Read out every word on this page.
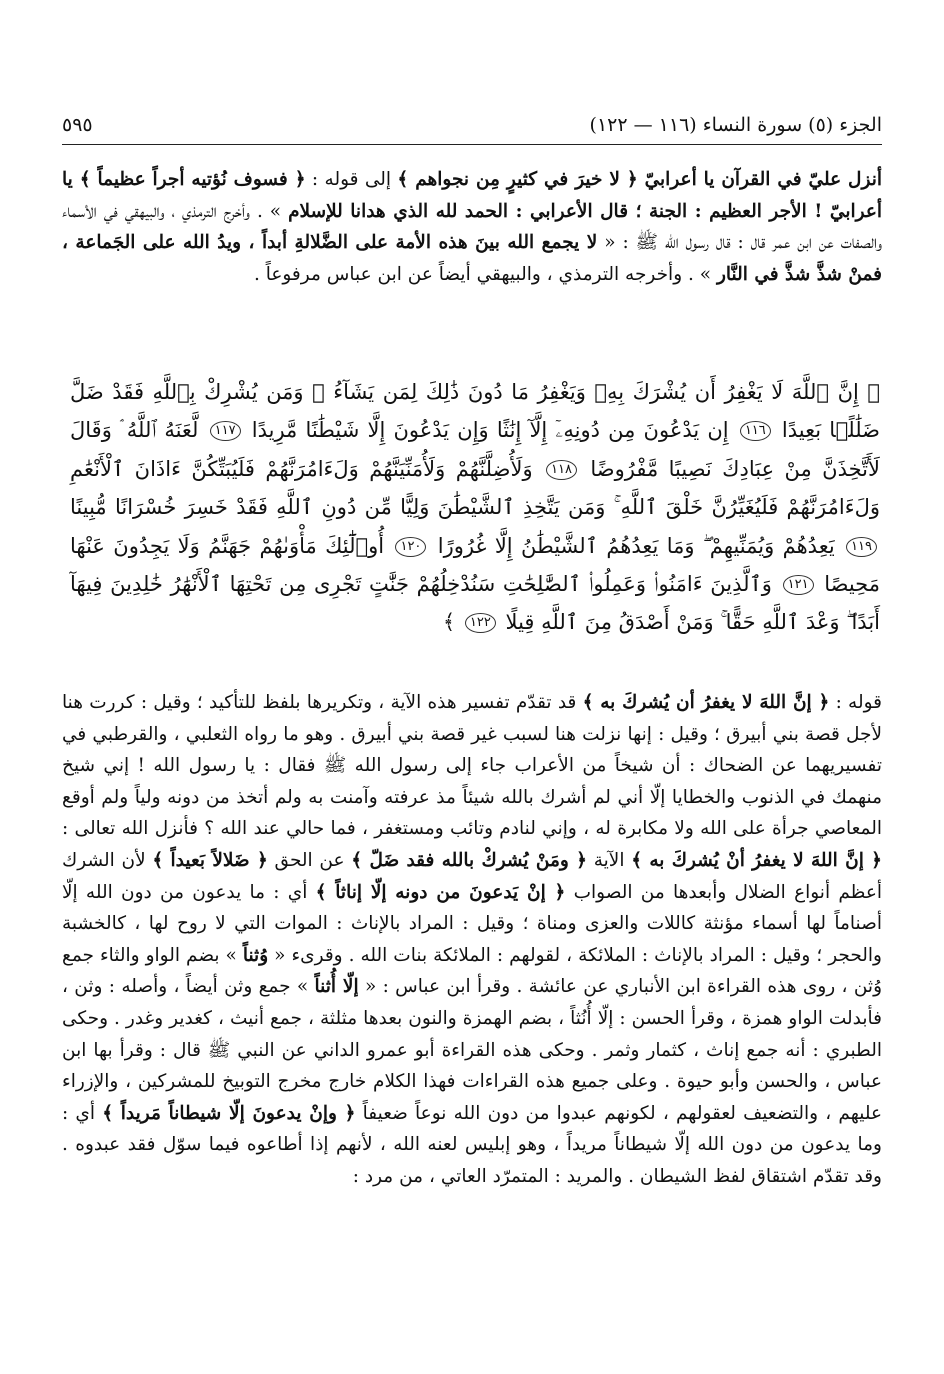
الجزء (٥) سورة النساء (١١٦ — ١٢٢)
٥٩٥

أنزل عليّ في القرآن يا أعرابيّ ﴿ لا خيرَ في كثيرٍ مِن نجواهم ﴾ إلى قوله : ﴿ فسوف نُؤتيه أجراً عظيماً ﴾ يا أعرابيّ ! الأجر العظيم : الجنة ؛ قال الأعرابي : الحمد لله الذي هدانا للإسلام » . وأخرج الترمذي ، والبيهقي في الأسماء والصفات عن ابن عمر قال : قال رسول الله ﷺ : « لا يجمع الله بينَ هذه الأمة على الضَّلالةِ أبداً ، ويدُ الله على الجَماعة ، فمنْ شذَّ شذَّ في النَّار » . وأخرجه الترمذي ، والبيهقي أيضاً عن ابن عباس مرفوعاً .

﴿ إِنَّ ٱللَّهَ لَا يَغْفِرُ أَن يُشْرَكَ بِهِۦ وَيَغْفِرُ مَا دُونَ ذَٰلِكَ لِمَن يَشَآءُ ۚ وَمَن يُشْرِكْ بِٱللَّهِ فَقَدْ ضَلَّ ضَلَٰلًۢا بَعِيدًا ١١٦ إِن يَدْعُونَ مِن دُونِهِۦٓ إِلَّآ إِنَٰثًا وَإِن يَدْعُونَ إِلَّا شَيْطَٰنًا مَّرِيدًا ١١٧ لَّعَنَهُ ٱللَّهُ ۘ وَقَالَ لَأَتَّخِذَنَّ مِنْ عِبَادِكَ نَصِيبًا مَّفْرُوضًا ١١٨ وَلَأُضِلَّنَّهُمْ وَلَأُمَنِّيَنَّهُمْ وَلَءَامُرَنَّهُمْ فَلَيُبَتِّكُنَّ ءَاذَانَ ٱلْأَنْعَٰمِ وَلَءَامُرَنَّهُمْ فَلَيُغَيِّرُنَّ خَلْقَ ٱللَّهِ ۚ وَمَن يَتَّخِذِ ٱلشَّيْطَٰنَ وَلِيًّا مِّن دُونِ ٱللَّهِ فَقَدْ خَسِرَ خُسْرَانًا مُّبِينًا ١١٩ يَعِدُهُمْ وَيُمَنِّيهِمْ ۖ وَمَا يَعِدُهُمُ ٱلشَّيْطَٰنُ إِلَّا غُرُورًا ١٢٠ أُو۟لَٰٓئِكَ مَأْوَىٰهُمْ جَهَنَّمُ وَلَا يَجِدُونَ عَنْهَا مَحِيصًا ١٢١ وَٱلَّذِينَ ءَامَنُوا۟ وَعَمِلُوا۟ ٱلصَّٰلِحَٰتِ سَنُدْخِلُهُمْ جَنَّٰتٍ تَجْرِى مِن تَحْتِهَا ٱلْأَنْهَٰرُ خَٰلِدِينَ فِيهَآ أَبَدًا ۖ وَعْدَ ٱللَّهِ حَقًّا ۚ وَمَنْ أَصْدَقُ مِنَ ٱللَّهِ قِيلًا ١٢٢ ﴾

قوله : ﴿ إنَّ اللهَ لا يغفرُ أن يُشركَ به ﴾ قد تقدّم تفسير هذه الآية ، وتكريرها بلفظ للتأكيد ؛ وقيل : كررت هنا لأجل قصة بني أبيرق ؛ وقيل : إنها نزلت هنا لسبب غير قصة بني أبيرق . وهو ما رواه الثعلبي ، والقرطبي في تفسيريهما عن الضحاك : أن شيخاً من الأعراب جاء إلى رسول الله ﷺ فقال : يا رسول الله ! إني شيخ منهمك في الذنوب والخطايا إلّا أني لم أشرك بالله شيئاً مذ عرفته وآمنت به ولم أتخذ من دونه ولياً ولم أوقع المعاصي جرأة على الله ولا مكابرة له ، وإني لنادم وتائب ومستغفر ، فما حالي عند الله ؟ فأنزل الله تعالى : ﴿ إنَّ اللهَ لا يغفرُ أنْ يُشركَ به ﴾ الآية ﴿ ومَنْ يُشركْ بالله فقد ضَلّ ﴾ عن الحق ﴿ ضَلالاً بَعيداً ﴾ لأن الشرك أعظم أنواع الضلال وأبعدها من الصواب ﴿ إنْ يَدعونَ من دونه إلّا إناثاً ﴾ أي : ما يدعون من دون الله إلّا أصناماً لها أسماء مؤنثة كاللات والعزى ومناة ؛ وقيل : المراد بالإناث : الموات التي لا روح لها ، كالخشبة والحجر ؛ وقيل : المراد بالإناث : الملائكة ، لقولهم : الملائكة بنات الله . وقرىء « وُثناً » بضم الواو والثاء جمع وُثن ، روى هذه القراءة ابن الأنباري عن عائشة . وقرأ ابن عباس : « إلّا أُثناً » جمع وثن أيضاً ، وأصله : وثن ، فأبدلت الواو همزة ، وقرأ الحسن : إلّا أُنُثاً ، بضم الهمزة والنون بعدها مثلثة ، جمع أنيث ، كغدير وغدر . وحكى الطبري : أنه جمع إناث ، كثمار وثمر . وحكى هذه القراءة أبو عمرو الداني عن النبي ﷺ قال : وقرأ بها ابن عباس ، والحسن وأبو حيوة . وعلى جميع هذه القراءات فهذا الكلام خارج مخرج التوبيخ للمشركين ، والإزراء عليهم ، والتضعيف لعقولهم ، لكونهم عبدوا من دون الله نوعاً ضعيفاً ﴿ وإنْ يدعونَ إلّا شيطاناً مَريداً ﴾ أي : وما يدعون من دون الله إلّا شيطاناً مريداً ، وهو إبليس لعنه الله ، لأنهم إذا أطاعوه فيما سوّل فقد عبدوه . وقد تقدّم اشتقاق لفظ الشيطان . والمريد : المتمرّد العاتي ، من مرد :
